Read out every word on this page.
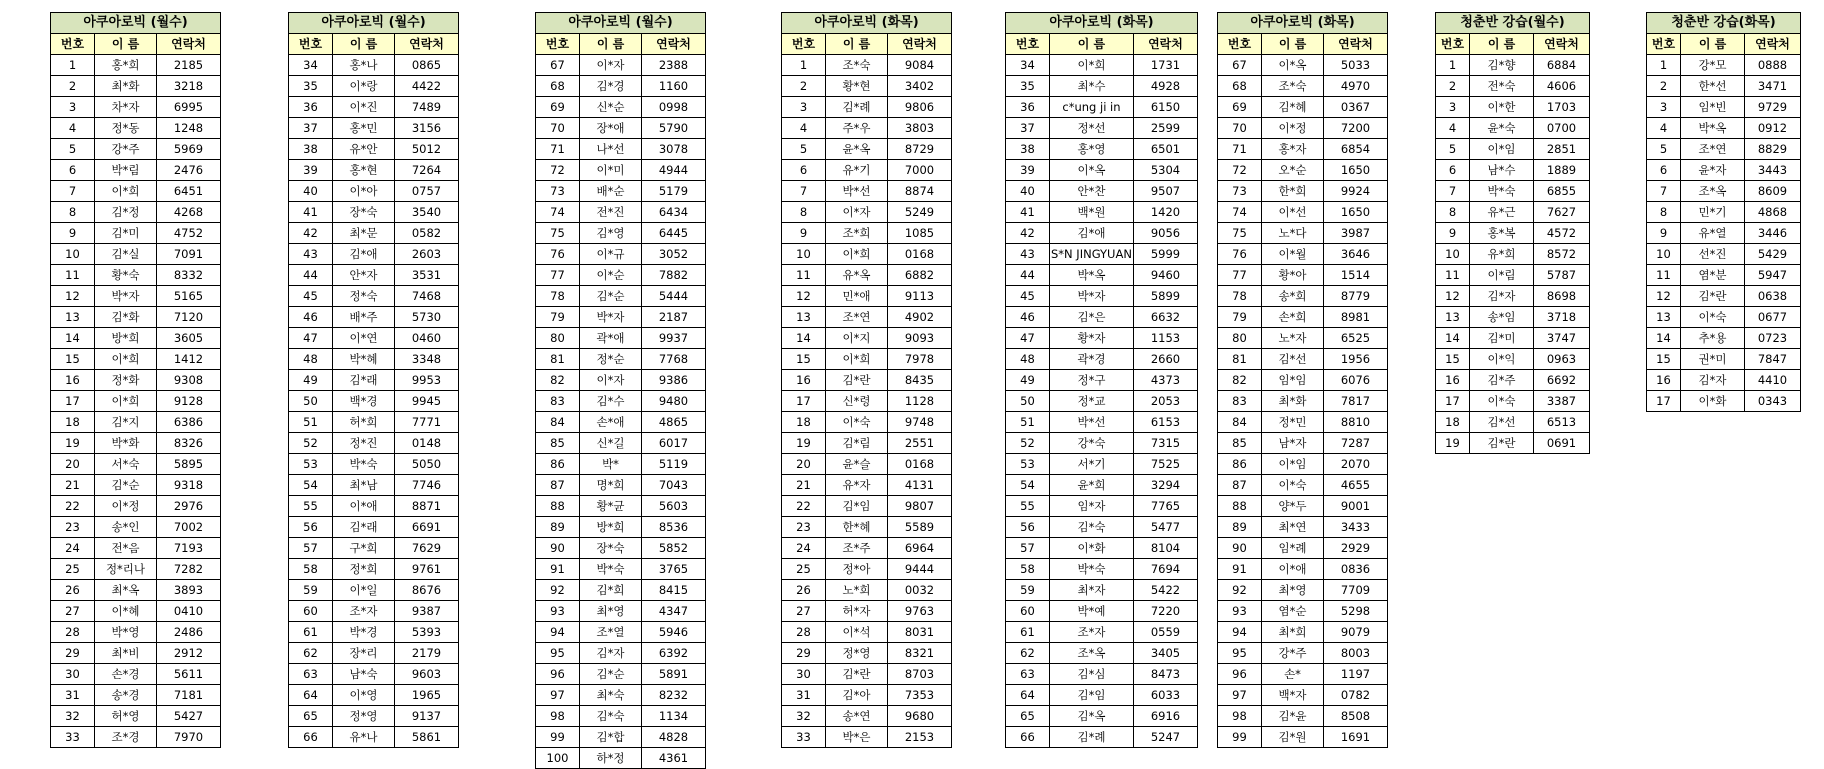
아쿠아로빅 (월수)		
번호	이 름	연락처
1	홍*희	2185
2	최*화	3218
3	차*자	6995
4	정*동	1248
5	강*주	5969
6	박*림	2476
7	이*희	6451
8	김*정	4268
9	김*미	4752
10	김*실	7091
11	황*숙	8332
12	박*자	5165
13	김*화	7120
14	방*희	3605
15	이*희	1412
16	정*화	9308
17	이*희	9128
18	김*지	6386
19	박*화	8326
20	서*숙	5895
21	김*순	9318
22	이*정	2976
23	송*인	7002
24	전*음	7193
25	정*리나	7282
26	최*옥	3893
27	이*혜	0410
28	박*영	2486
29	최*비	2912
30	손*경	5611
31	송*경	7181
32	허*영	5427
33	조*경	7970
아쿠아로빅 (월수)		
번호	이 름	연락처
34	홍*나	0865
35	이*랑	4422
36	이*진	7489
37	홍*민	3156
38	유*안	5012
39	홍*현	7264
40	이*아	0757
41	장*숙	3540
42	최*문	0582
43	김*애	2603
44	안*자	3531
45	정*숙	7468
46	배*주	5730
47	이*연	0460
48	박*혜	3348
49	김*래	9953
50	백*경	9945
51	허*희	7771
52	정*진	0148
53	박*숙	5050
54	최*남	7746
55	이*애	8871
56	김*래	6691
57	구*희	7629
58	정*희	9761
59	이*일	8676
60	조*자	9387
61	박*경	5393
62	장*리	2179
63	남*숙	9603
64	이*영	1965
65	정*영	9137
66	유*나	5861
아쿠아로빅 (월수)		
번호	이 름	연락처
67	이*자	2388
68	김*경	1160
69	신*순	0998
70	장*애	5790
71	나*선	3078
72	이*미	4944
73	배*순	5179
74	전*진	6434
75	김*영	6445
76	이*규	3052
77	이*순	7882
78	김*순	5444
79	박*자	2187
80	곽*애	9937
81	정*순	7768
82	이*자	9386
83	김*수	9480
84	손*애	4865
85	신*길	6017
86	박*	5119
87	명*희	7043
88	황*균	5603
89	방*희	8536
90	장*숙	5852
91	박*숙	3765
92	김*희	8415
93	최*영	4347
94	조*열	5946
95	김*자	6392
96	김*순	5891
97	최*숙	8232
98	김*숙	1134
99	김*합	4828
100	하*정	4361
아쿠아로빅 (화목)		
번호	이 름	연락처
1	조*숙	9084
2	황*현	3402
3	김*례	9806
4	주*우	3803
5	윤*옥	8729
6	유*기	7000
7	박*선	8874
8	이*자	5249
9	조*희	1085
10	이*희	0168
11	유*옥	6882
12	민*애	9113
13	조*연	4902
14	이*지	9093
15	이*희	7978
16	김*란	8435
17	신*령	1128
18	이*숙	9748
19	김*림	2551
20	윤*슬	0168
21	유*자	4131
22	김*임	9807
23	한*혜	5589
24	조*주	6964
25	정*아	9444
26	노*희	0032
27	허*자	9763
28	이*석	8031
29	정*영	8321
30	김*란	8703
31	김*아	7353
32	송*연	9680
33	박*은	2153
아쿠아로빅 (화목)		
번호	이 름	연락처
34	이*희	1731
35	최*수	4928
36	c*ung ji in	6150
37	정*선	2599
38	홍*영	6501
39	이*옥	5304
40	안*찬	9507
41	백*원	1420
42	김*애	9056
43	S*N JINGYUAN	5999
44	박*옥	9460
45	박*자	5899
46	김*은	6632
47	황*자	1153
48	곽*경	2660
49	정*구	4373
50	정*교	2053
51	박*선	6153
52	강*숙	7315
53	서*기	7525
54	윤*희	3294
55	임*자	7765
56	김*숙	5477
57	이*화	8104
58	박*숙	7694
59	최*자	5422
60	박*예	7220
61	조*자	0559
62	조*옥	3405
63	김*심	8473
64	김*임	6033
65	김*옥	6916
66	김*례	5247
아쿠아로빅 (화목)		
번호	이 름	연락처
67	이*옥	5033
68	조*숙	4970
69	김*혜	0367
70	이*정	7200
71	홍*자	6854
72	오*순	1650
73	한*희	9924
74	이*선	1650
75	노*다	3987
76	이*월	3646
77	황*아	1514
78	송*희	8779
79	손*희	8981
80	노*자	6525
81	김*선	1956
82	임*임	6076
83	최*화	7817
84	정*민	8810
85	남*자	7287
86	이*임	2070
87	이*숙	4655
88	양*두	9001
89	최*연	3433
90	임*례	2929
91	이*애	0836
92	최*영	7709
93	염*순	5298
94	최*희	9079
95	강*주	8003
96	손*	1197
97	백*자	0782
98	김*윤	8508
99	김*원	1691
청춘반 강습(월수)		
번호	이 름	연락처
1	김*향	6884
2	전*숙	4606
3	이*한	1703
4	윤*숙	0700
5	이*임	2851
6	남*수	1889
7	박*숙	6855
8	유*근	7627
9	홍*복	4572
10	유*희	8572
11	이*림	5787
12	김*자	8698
13	송*임	3718
14	김*미	3747
15	이*익	0963
16	김*주	6692
17	이*숙	3387
18	김*선	6513
19	김*란	0691
청춘반 강습(화목)		
번호	이 름	연락처
1	강*모	0888
2	한*선	3471
3	임*빈	9729
4	박*옥	0912
5	조*연	8829
6	윤*자	3443
7	조*옥	8609
8	민*기	4868
9	유*열	3446
10	선*진	5429
11	염*분	5947
12	김*란	0638
13	이*숙	0677
14	추*용	0723
15	권*미	7847
16	김*자	4410
17	이*화	0343
